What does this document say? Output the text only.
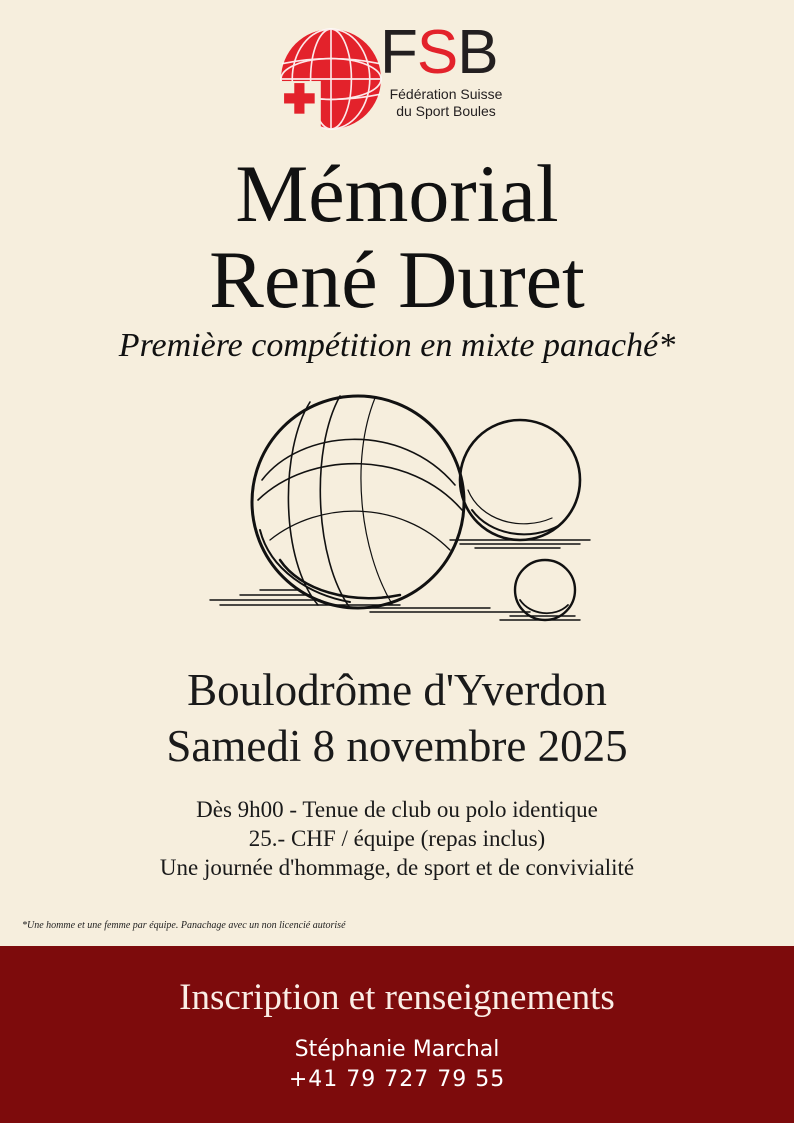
FSB
Fédération Suisse
du Sport Boules
Mémorial
René Duret
Première compétition en mixte panaché*
Boulodrôme d'Yverdon
Samedi 8 novembre 2025
Dès 9h00 - Tenue de club ou polo identique
25.- CHF / équipe (repas inclus)
Une journée d'hommage, de sport et de convivialité
*Une homme et une femme par équipe. Panachage avec un non licencié autorisé
Inscription et renseignements
Stéphanie Marchal
+41 79 727 79 55
